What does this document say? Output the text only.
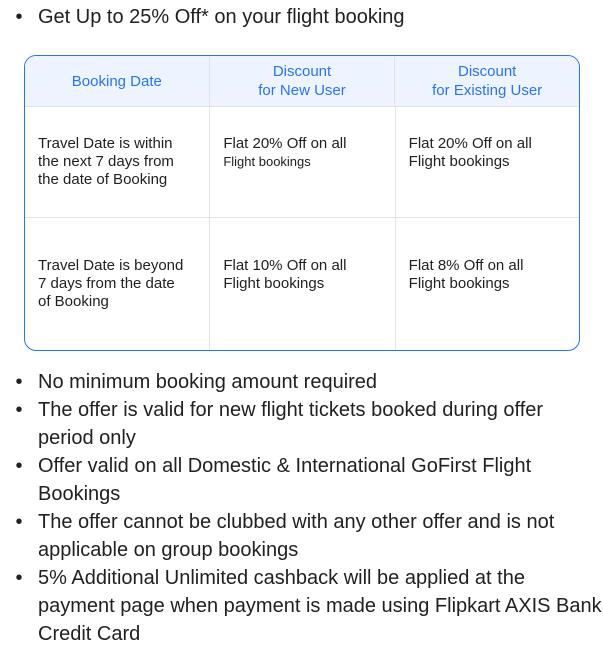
• Get Up to 25% Off* on your flight booking
Booking Date
Discount
for New User
Discount
for Existing User
Travel Date is within
the next 7 days from
the date of Booking
Flat 20% Off on all
Flight bookings
Flat 20% Off on all
Flight bookings
Travel Date is beyond
7 days from the date
of Booking
Flat 10% Off on all
Flight bookings
Flat 8% Off on all
Flight bookings
• No minimum booking amount required
• The offer is valid for new flight tickets booked during offer period only
• Offer valid on all Domestic & International GoFirst Flight Bookings
• The offer cannot be clubbed with any other offer and is not applicable on group bookings
• 5% Additional Unlimited cashback will be applied at the payment page when payment is made using Flipkart AXIS Bank Credit Card
